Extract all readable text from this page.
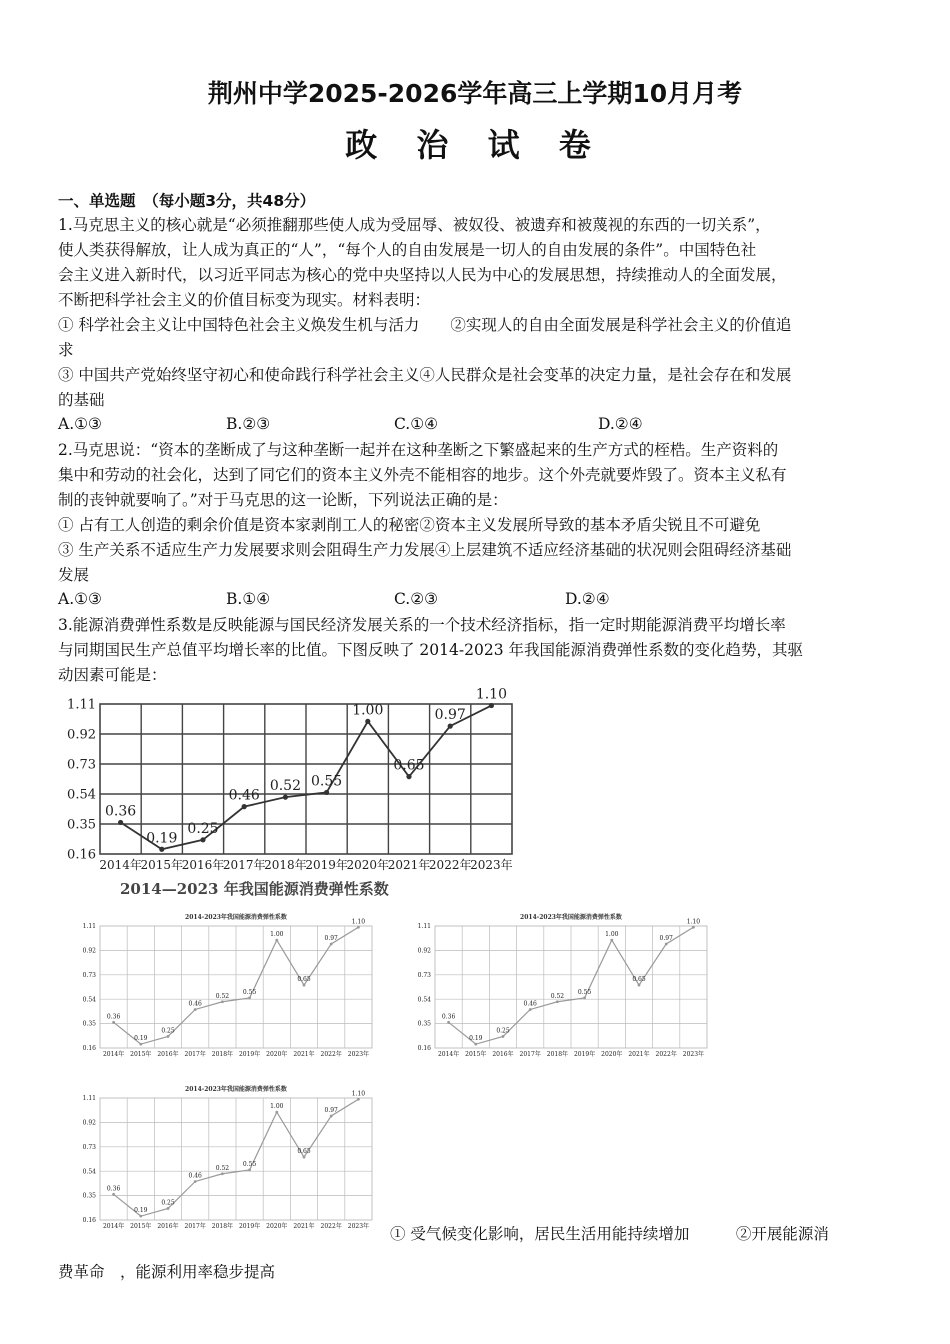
荆州中学2025-2026学年高三上学期10月月考
政 治 试 卷
一、单选题　（每小题3分，共48分）
1.马克思主义的核心就是“必须推翻那些使人成为受屈辱、被奴役、被遗弃和被蔑视的东西的一切关系”，
使人类获得解放，让人成为真正的“人”，“每个人的自由发展是一切人的自由发展的条件”。中国特色社
会主义进入新时代，以习近平同志为核心的党中央坚持以人民为中心的发展思想，持续推动人的全面发展，
不断把科学社会主义的价值目标变为现实。材料表明：
① 科学社会主义让中国特色社会主义焕发生机与活力　　②实现人的自由全面发展是科学社会主义的价值追
求
③ 中国共产党始终坚守初心和使命践行科学社会主义④人民群众是社会变革的决定力量，是社会存在和发展
的基础
A.①③	B.②③	C.①④	D.②④
2.马克思说：“资本的垄断成了与这种垄断一起并在这种垄断之下繁盛起来的生产方式的桎梏。生产资料的
集中和劳动的社会化，达到了同它们的资本主义外壳不能相容的地步。这个外壳就要炸毁了。资本主义私有
制的丧钟就要响了。”对于马克思的这一论断，下列说法正确的是：
① 占有工人创造的剩余价值是资本家剥削工人的秘密②资本主义发展所导致的基本矛盾尖锐且不可避免
③ 生产关系不适应生产力发展要求则会阻碍生产力发展④上层建筑不适应经济基础的状况则会阻碍经济基础
发展
A.①③	B.①④	C.②③	D.②④
3.能源消费弹性系数是反映能源与国民经济发展关系的一个技术经济指标，指一定时期能源消费平均增长率
与同期国民生产总值平均增长率的比值。下图反映了 2014-2023 年我国能源消费弹性系数的变化趋势，其驱
动因素可能是：
1.11
0.92
0.73
0.54
0.35
0.16
2014年
2015年
2016年
2017年
2018年
2019年
2020年
2021年
2022年
2023年
0.36
0.19
0.25
0.46
0.52 0.55
1.00
0.65
0.97
1.10
2014—2023 年我国能源消费弹性系数
2014-2023年我国能源消费弹性系数
1.11
0.92
0.73
0.54
0.35
0.16
2014年 2015年 2016年 2017年 2018年 2019年 2020年 2021年 2022年 2023年
0.36
0.19
0.25
0.46
0.52
0.55
1.00
0.65
0.97
1.10
2014-2023年我国能源消费弹性系数
1.11
0.92
0.73
0.54
0.35
0.16
2014年 2015年 2016年 2017年 2018年 2019年 2020年 2021年 2022年 2023年
0.36
0.19
0.25
0.46
0.52
0.55
1.00
0.65
0.97
1.10
2014-2023年我国能源消费弹性系数
1.11
0.92
0.73
0.54
0.35
0.16
2014年 2015年 2016年 2017年 2018年 2019年 2020年 2021年 2022年 2023年
0.36
0.19
0.25
0.46
0.52
0.55
1.00
0.65
0.97
1.10
① 受气候变化影响，居民生活用能持续增加　　　②开展能源消
费革命　，能源利用率稳步提高
